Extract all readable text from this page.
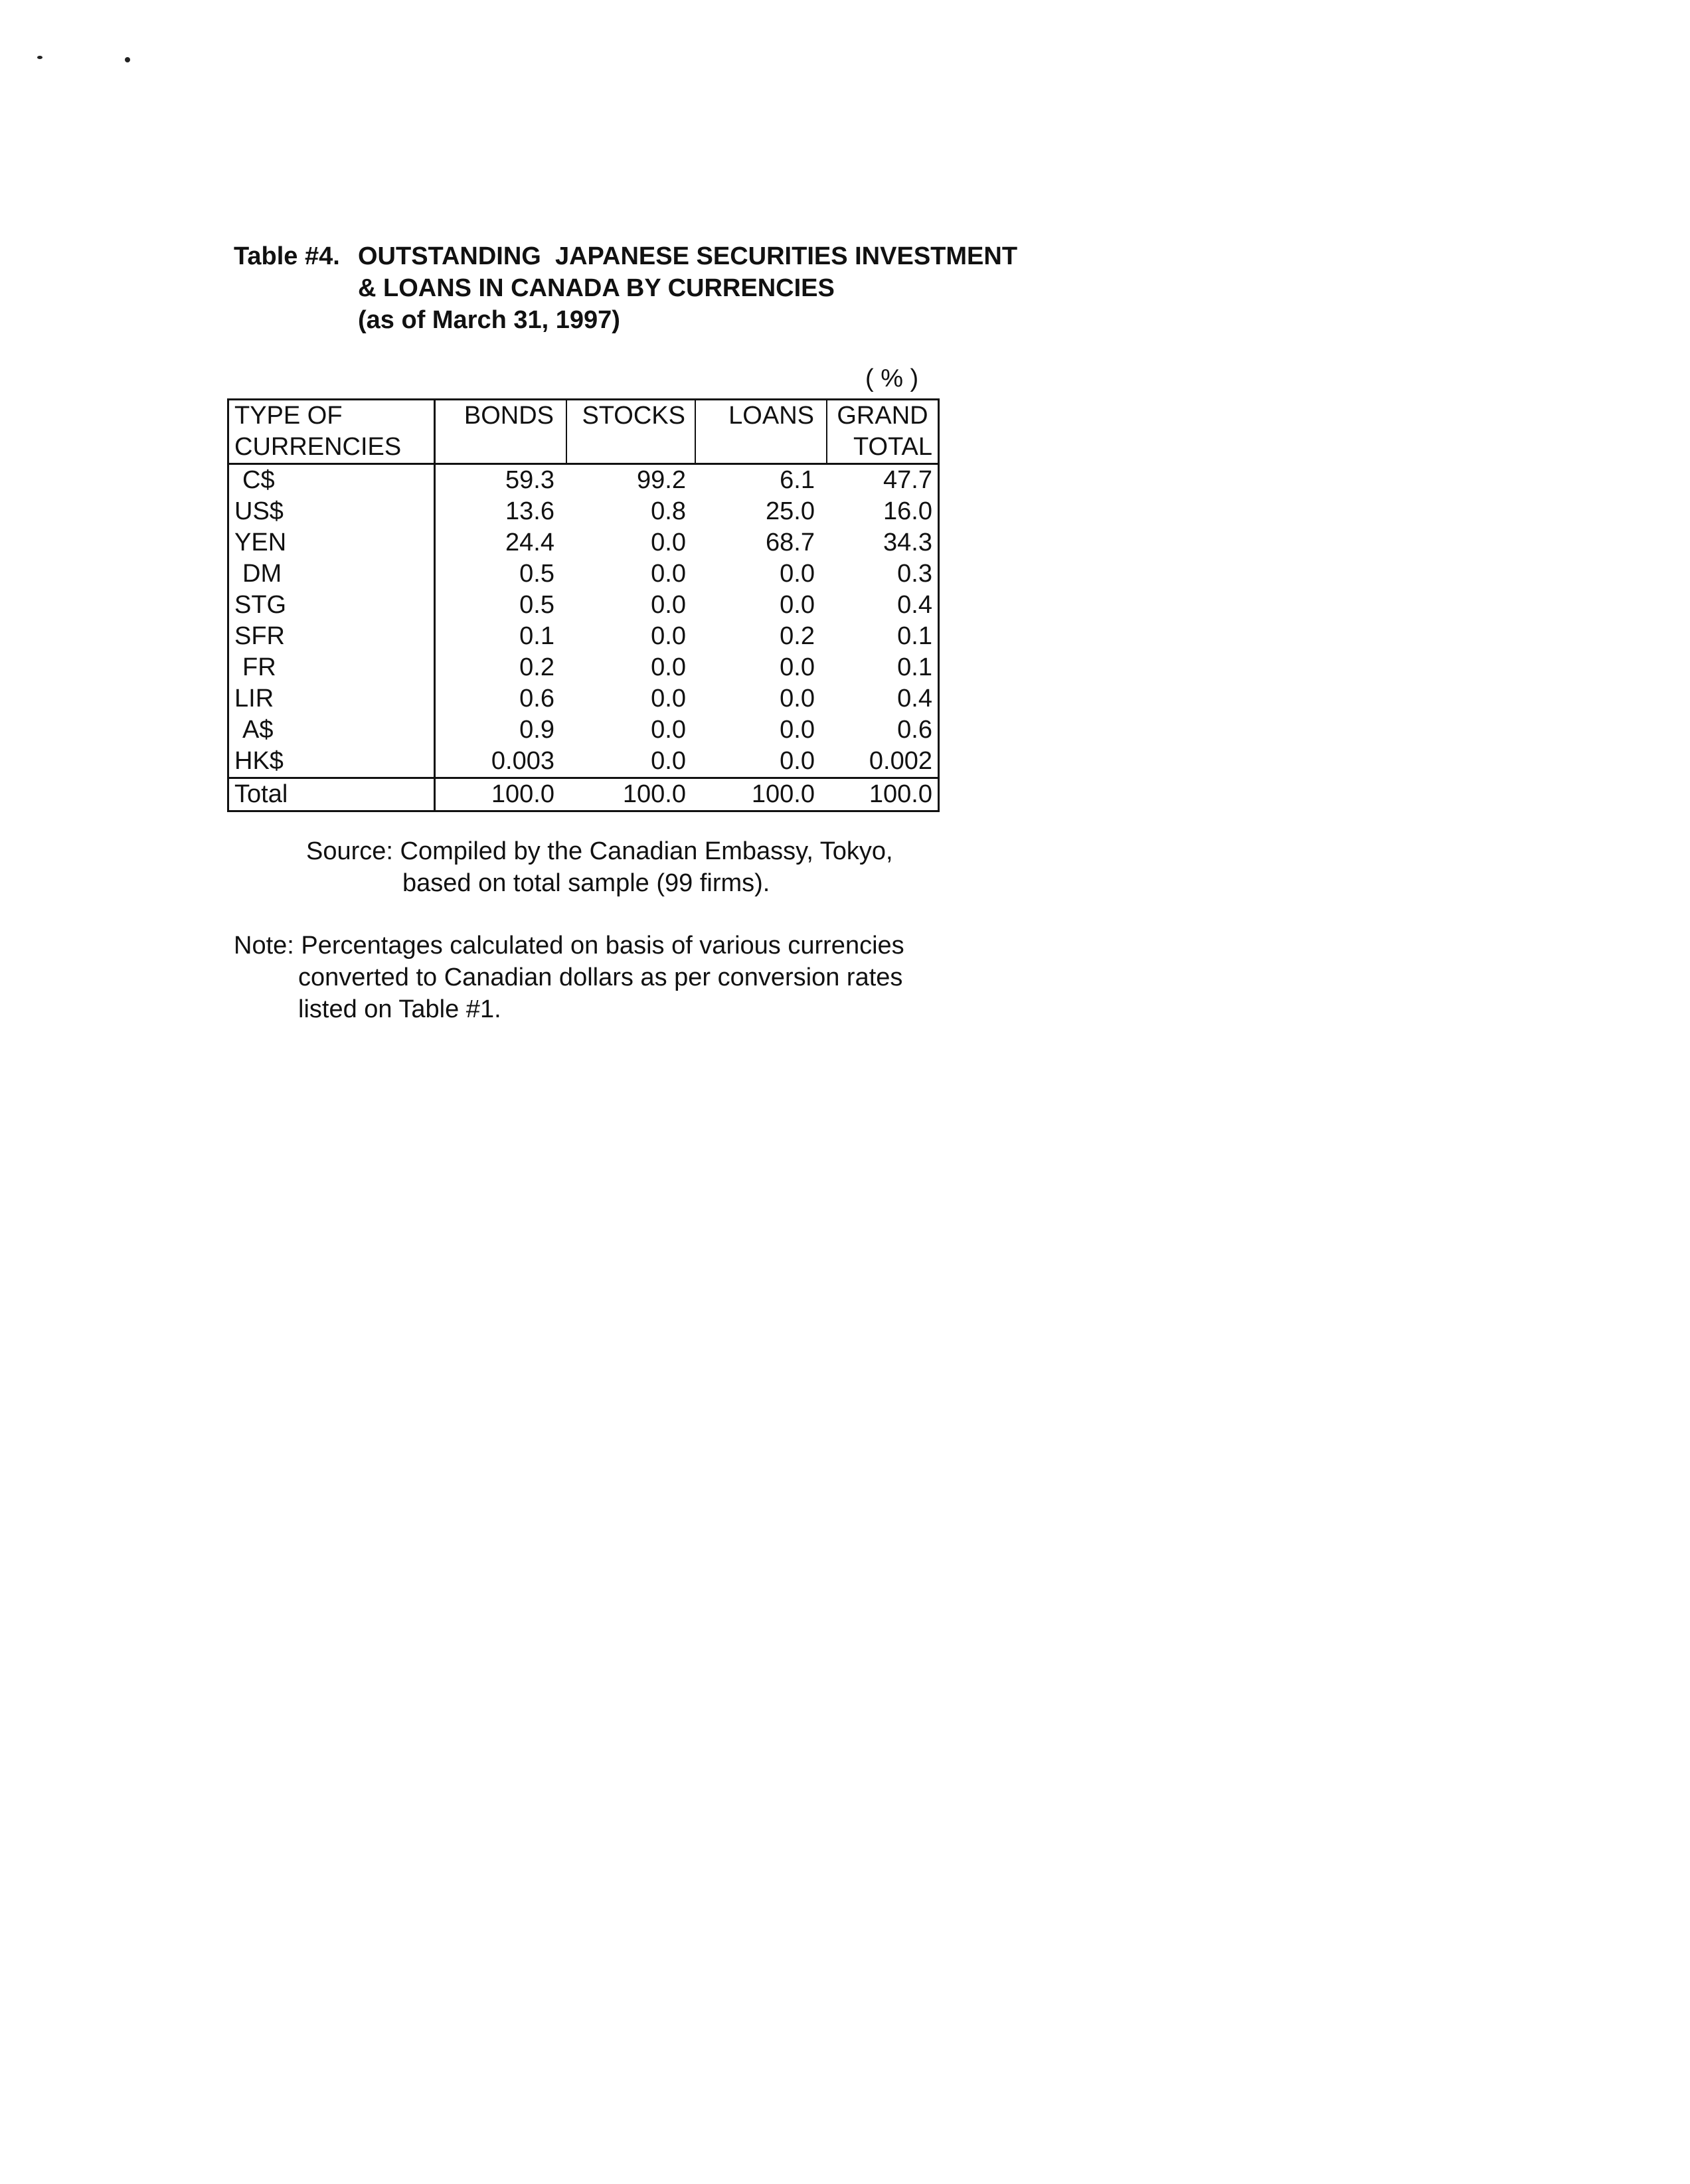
Table #4. OUTSTANDING  JAPANESE SECURITIES INVESTMENT
& LOANS IN CANADA BY CURRENCIES
(as of March 31, 1997)
( % )
TYPE OF	BONDS	STOCKS	LOANS	GRAND
CURRENCIES				TOTAL
C$	59.3	99.2	6.1	47.7
US$	13.6	0.8	25.0	16.0
YEN	24.4	0.0	68.7	34.3
DM	0.5	0.0	0.0	0.3
STG	0.5	0.0	0.0	0.4
SFR	0.1	0.0	0.2	0.1
FR	0.2	0.0	0.0	0.1
LIR	0.6	0.0	0.0	0.4
A$	0.9	0.0	0.0	0.6
HK$	0.003	0.0	0.0	0.002
Total	100.0	100.0	100.0	100.0
Source: Compiled by the Canadian Embassy, Tokyo,
based on total sample (99 firms).
Note: Percentages calculated on basis of various currencies
converted to Canadian dollars as per conversion rates
listed on Table #1.
